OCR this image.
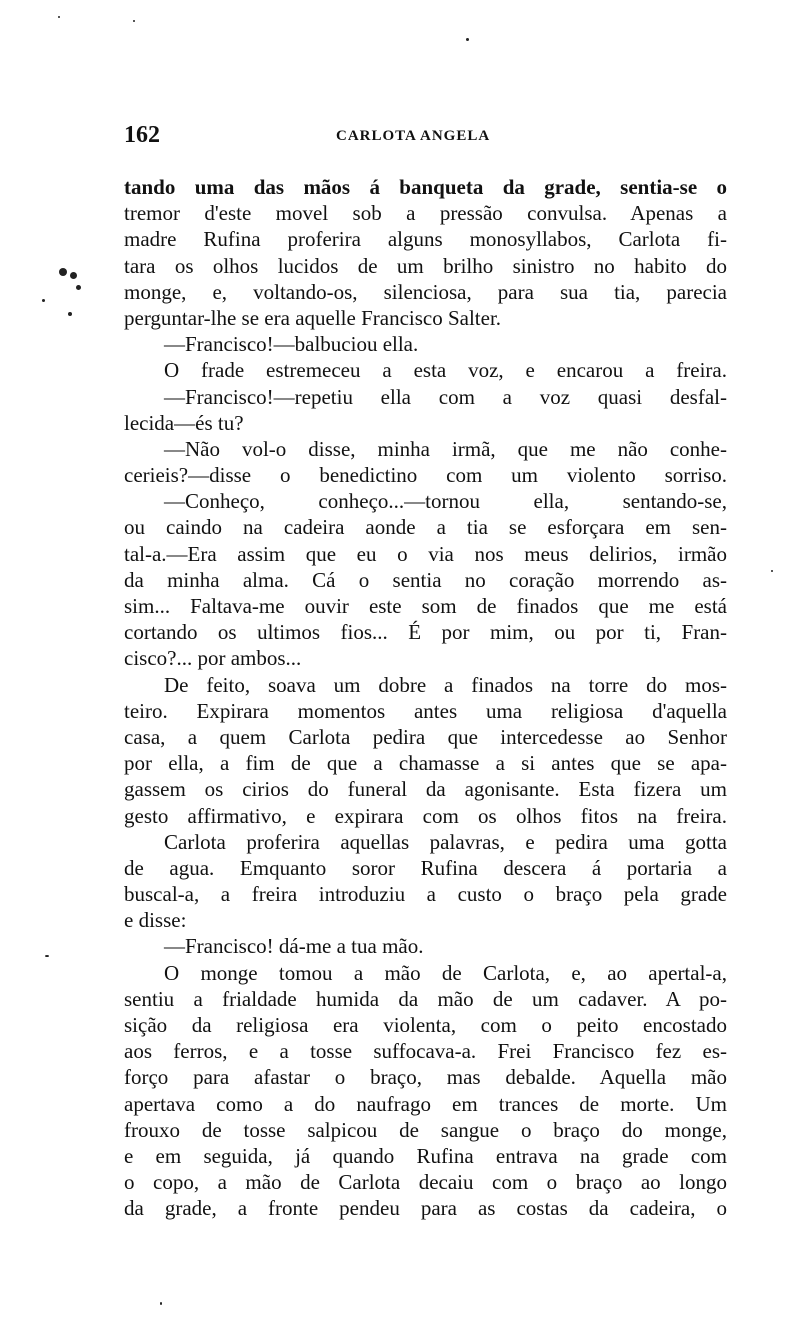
162	CARLOTA ANGELA
tando uma das mãos á banqueta da grade, sentia-se o
tremor d'este movel sob a pressão convulsa. Apenas a
madre Rufina proferira alguns monosyllabos, Carlota fi-
tara os olhos lucidos de um brilho sinistro no habito do
monge, e, voltando-os, silenciosa, para sua tia, parecia
perguntar-lhe se era aquelle Francisco Salter.
—Francisco!—balbuciou ella.
O frade estremeceu a esta voz, e encarou a freira.
—Francisco!—repetiu ella com a voz quasi desfal-
lecida—és tu?
—Não vol-o disse, minha irmã, que me não conhe-
cerieis?—disse o benedictino com um violento sorriso.
—Conheço, conheço...—tornou ella, sentando-se,
ou caindo na cadeira aonde a tia se esforçara em sen-
tal-a.—Era assim que eu o via nos meus delirios, irmão
da minha alma. Cá o sentia no coração morrendo as-
sim... Faltava-me ouvir este som de finados que me está
cortando os ultimos fios... É por mim, ou por ti, Fran-
cisco?... por ambos...
De feito, soava um dobre a finados na torre do mos-
teiro. Expirara momentos antes uma religiosa d'aquella
casa, a quem Carlota pedira que intercedesse ao Senhor
por ella, a fim de que a chamasse a si antes que se apa-
gassem os cirios do funeral da agonisante. Esta fizera um
gesto affirmativo, e expirara com os olhos fitos na freira.
Carlota proferira aquellas palavras, e pedira uma gotta
de agua. Emquanto soror Rufina descera á portaria a
buscal-a, a freira introduziu a custo o braço pela grade
e disse:
—Francisco! dá-me a tua mão.
O monge tomou a mão de Carlota, e, ao apertal-a,
sentiu a frialdade humida da mão de um cadaver. A po-
sição da religiosa era violenta, com o peito encostado
aos ferros, e a tosse suffocava-a. Frei Francisco fez es-
forço para afastar o braço, mas debalde. Aquella mão
apertava como a do naufrago em trances de morte. Um
frouxo de tosse salpicou de sangue o braço do monge,
e em seguida, já quando Rufina entrava na grade com
o copo, a mão de Carlota decaiu com o braço ao longo
da grade, a fronte pendeu para as costas da cadeira, o
